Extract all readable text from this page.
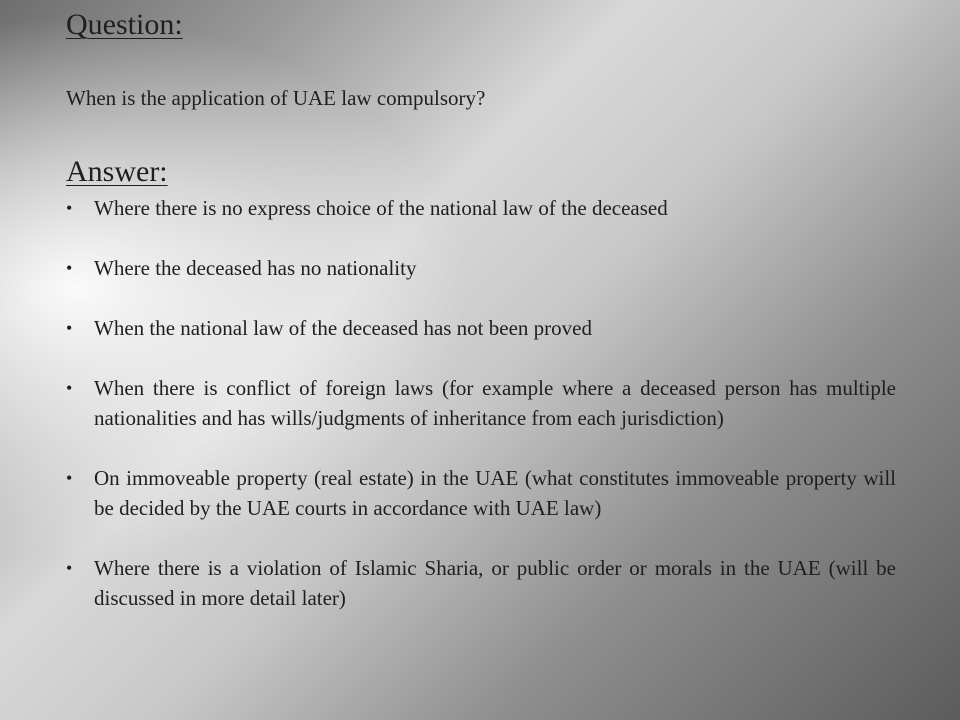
Question:

When is the application of UAE law compulsory?

Answer:
•	Where there is no express choice of the national law of the deceased
•	Where the deceased has no nationality
•	When the national law of the deceased has not been proved
•	When there is conflict of foreign laws (for example where a deceased person has multiple nationalities and has wills/judgments of inheritance from each jurisdiction)
•	On immoveable property (real estate) in the UAE (what constitutes immoveable property will be decided by the UAE courts in accordance with UAE law)
•	Where there is a violation of Islamic Sharia, or public order or morals in the UAE (will be discussed in more detail later)
